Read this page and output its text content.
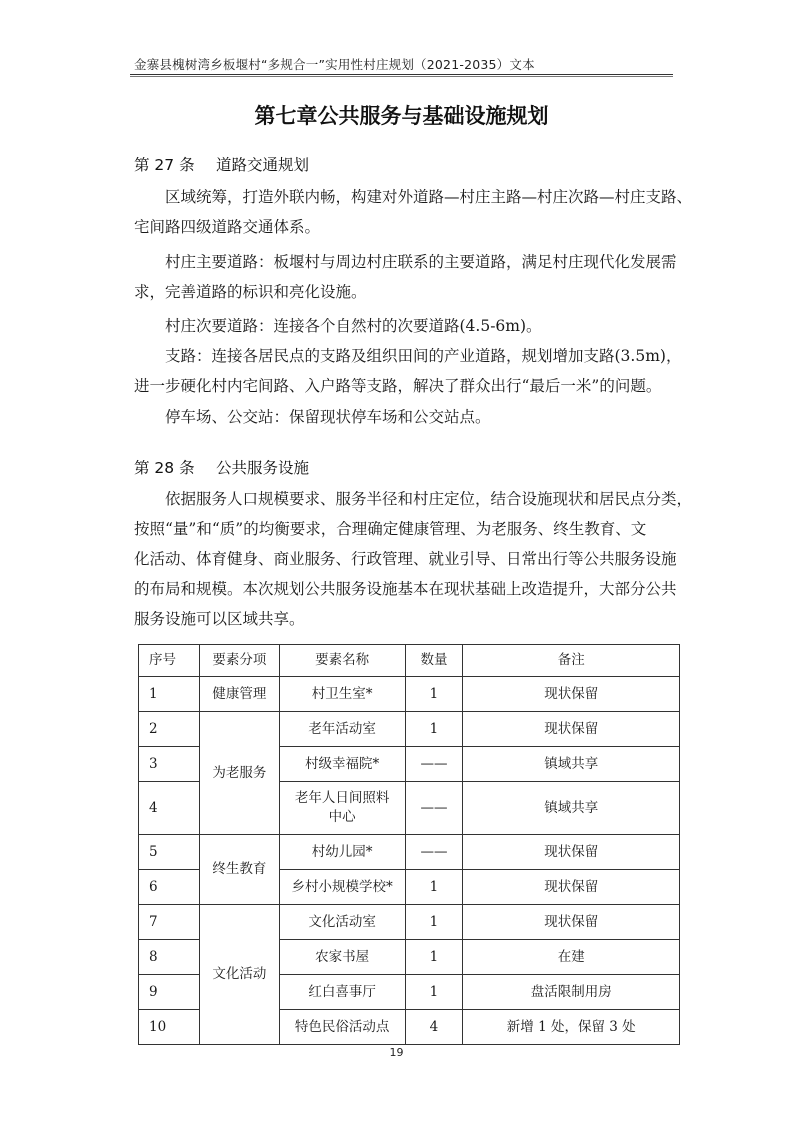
金寨县槐树湾乡板堰村“多规合一”实用性村庄规划（2021-2035）文本
第七章公共服务与基础设施规划
第 27 条 道路交通规划
区域统筹，打造外联内畅，构建对外道路—村庄主路—村庄次路—村庄支路、
宅间路四级道路交通体系。
村庄主要道路：板堰村与周边村庄联系的主要道路，满足村庄现代化发展需
求，完善道路的标识和亮化设施。
村庄次要道路：连接各个自然村的次要道路(4.5-6m)。
支路：连接各居民点的支路及组织田间的产业道路，规划增加支路(3.5m)，
进一步硬化村内宅间路、入户路等支路，解决了群众出行“最后一米”的问题。
停车场、公交站：保留现状停车场和公交站点。
第 28 条 公共服务设施
依据服务人口规模要求、服务半径和村庄定位，结合设施现状和居民点分类，
按照“量”和“质”的均衡要求，合理确定健康管理、为老服务、终生教育、文
化活动、体育健身、商业服务、行政管理、就业引导、日常出行等公共服务设施
的布局和规模。本次规划公共服务设施基本在现状基础上改造提升，大部分公共
服务设施可以区域共享。
序号	要素分项	要素名称	数量	备注
1	健康管理	村卫生室*	1	现状保留
2	为老服务	老年活动室	1	现状保留
3		村级幸福院*	——	镇域共享
4		老年人日间照料
中心	——	镇域共享
5	终生教育	村幼儿园*	——	现状保留
6		乡村小规模学校*	1	现状保留
7	文化活动	文化活动室	1	现状保留
8		农家书屋	1	在建
9		红白喜事厅	1	盘活限制用房
10		特色民俗活动点	4	新增 1 处，保留 3 处
19
